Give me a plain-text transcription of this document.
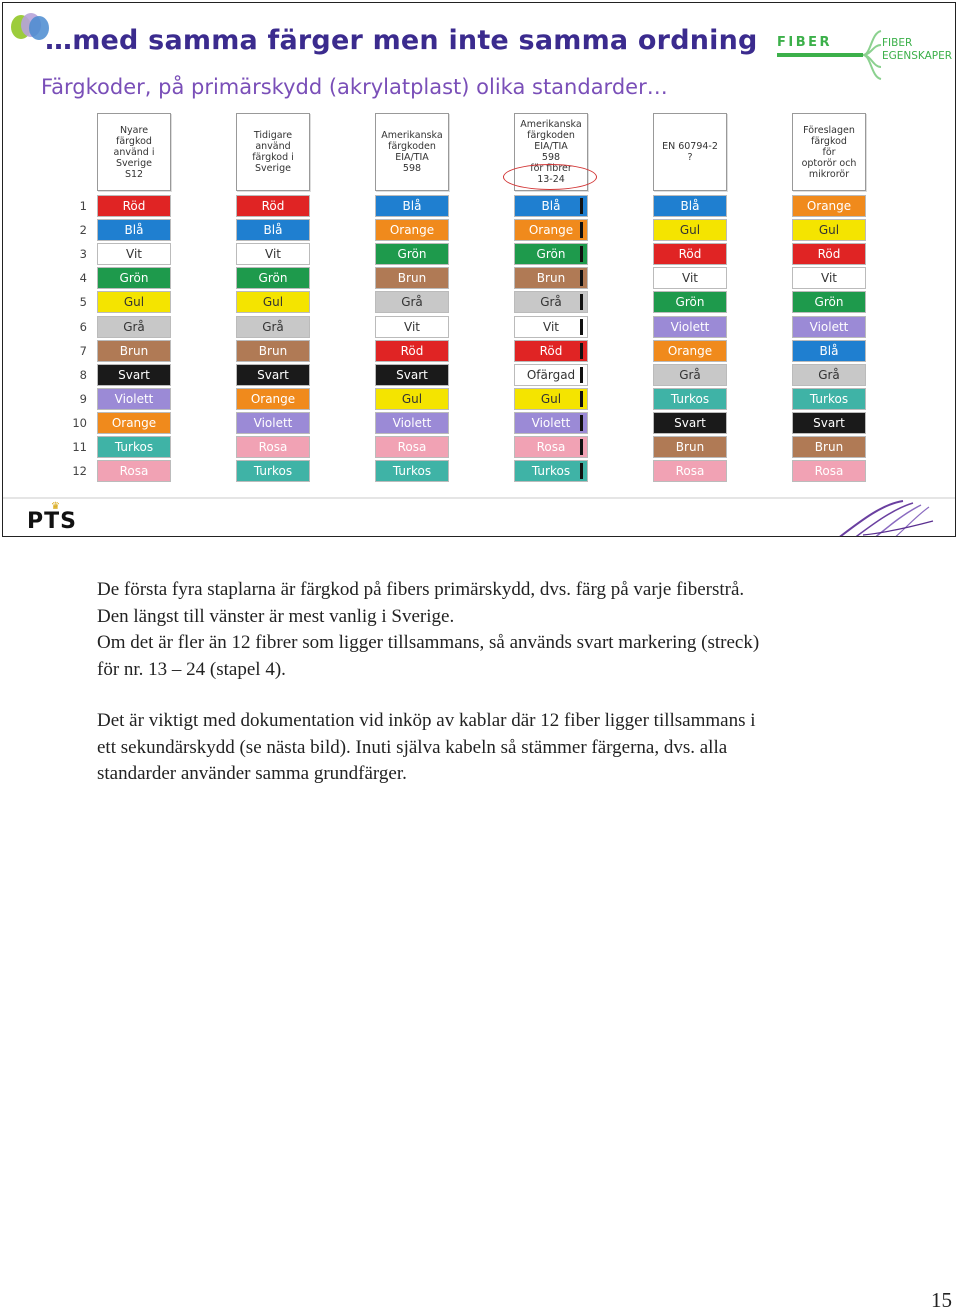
…med samma färger men inte samma ordning
Färgkoder, på primärskydd (akrylatplast) olika standarder…
FIBER	FIBER
EGENSKAPER
1
2
3
4
5
6
7
8
9
10
11
12
Nyare
färgkod
använd i
Sverige
S12
Röd
Blå
Vit
Grön
Gul
Grå
Brun
Svart
Violett
Orange
Turkos
Rosa
Tidigare
använd
färgkod i
Sverige
Röd
Blå
Vit
Grön
Gul
Grå
Brun
Svart
Orange
Violett
Rosa
Turkos
Amerikanska
färgkoden
EIA/TIA
598
Blå
Orange
Grön
Brun
Grå
Vit
Röd
Svart
Gul
Violett
Rosa
Turkos
Amerikanska
färgkoden
EIA/TIA
598
för fibrer
13-24
Blå
Orange
Grön
Brun
Grå
Vit
Röd
Ofärgad
Gul
Violett
Rosa
Turkos
EN 60794-2
?
Blå
Gul
Röd
Vit
Grön
Violett
Orange
Grå
Turkos
Svart
Brun
Rosa
Föreslagen
färgkod
för
optorör och
mikrorör
Orange
Gul
Röd
Vit
Grön
Violett
Blå
Grå
Turkos
Svart
Brun
Rosa
♛
PTS
De första fyra staplarna är färgkod på fibers primärskydd, dvs. färg på varje fiberstrå.
Den längst till vänster är mest vanlig i Sverige.
Om det är fler än 12 fibrer som ligger tillsammans, så används svart markering (streck)
för nr. 13 – 24 (stapel 4).
Det är viktigt med dokumentation vid inköp av kablar där 12 fiber ligger tillsammans i
ett sekundärskydd (se nästa bild). Inuti själva kabeln så stämmer färgerna, dvs. alla
standarder använder samma grundfärger.
15
